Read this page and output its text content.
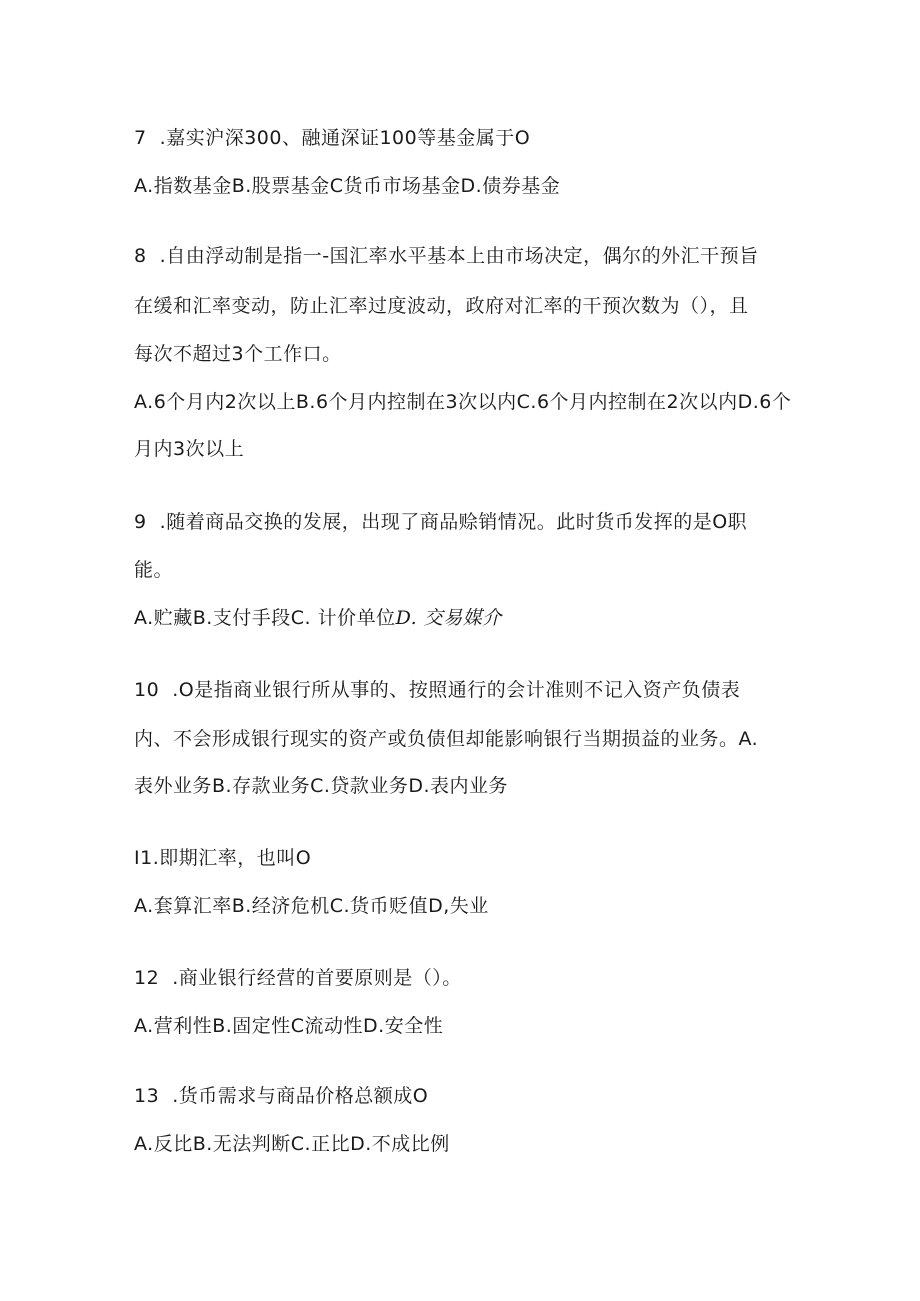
7  .嘉实沪深300、融通深证100等基金属于O
A.指数基金B.股票基金C货币市场基金D.债券基金
8  .自由浮动制是指一-国汇率水平基本上由市场决定，偶尔的外汇干预旨
在缓和汇率变动，防止汇率过度波动，政府对汇率的干预次数为（），且
每次不超过3个工作口。
A.6个月内2次以上B.6个月内控制在3次以内C.6个月内控制在2次以内D.6个
月内3次以上
9  .随着商品交换的发展，出现了商品赊销情况。此时货币发挥的是O职
能。
A.贮藏B.支付手段C. 计价单位D. 交易媒介
10  .O是指商业银行所从事的、按照通行的会计准则不记入资产负债表
内、不会形成银行现实的资产或负债但却能影响银行当期损益的业务。A.
表外业务B.存款业务C.贷款业务D.表内业务
I1.即期汇率，也叫O
A.套算汇率B.经济危机C.货币贬值D,失业
12  .商业银行经营的首要原则是（）。
A.营利性B.固定性C流动性D.安全性
13  .货币需求与商品价格总额成O
A.反比B.无法判断C.正比D.不成比例
